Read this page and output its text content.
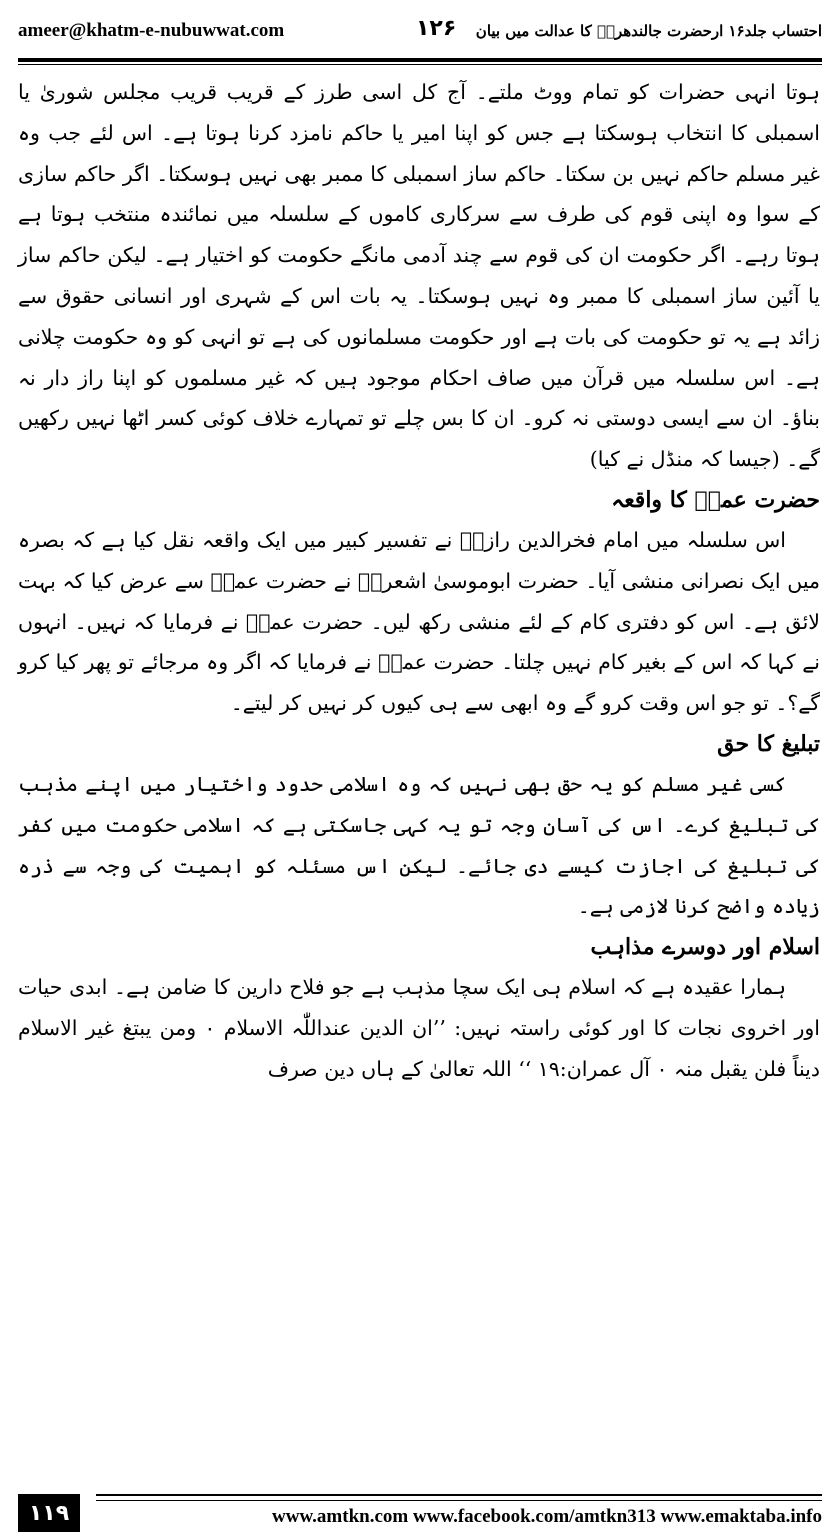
ameer@khatm-e-nubuwwat.com	۱۲۶ احتساب جلد۱۶ ارحضرت جالندھریؒ کا عدالت میں بیان

ہوتا انہی حضرات کو تمام ووٹ ملتے۔ آج کل اسی طرز کے قریب قریب مجلس شوریٰ یا اسمبلی کا انتخاب ہوسکتا ہے جس کو اپنا امیر یا حاکم نامزد کرنا ہوتا ہے۔ اس لئے جب وہ غیر مسلم حاکم نہیں بن سکتا۔ حاکم ساز اسمبلی کا ممبر بھی نہیں ہوسکتا۔ اگر حاکم سازی کے سوا وہ اپنی قوم کی طرف سے سرکاری کاموں کے سلسلہ میں نمائندہ منتخب ہوتا ہے ہوتا رہے۔ اگر حکومت ان کی قوم سے چند آدمی مانگے حکومت کو اختیار ہے۔ لیکن حاکم ساز یا آئین ساز اسمبلی کا ممبر وہ نہیں ہوسکتا۔ یہ بات اس کے شہری اور انسانی حقوق سے زائد ہے یہ تو حکومت کی بات ہے اور حکومت مسلمانوں کی ہے تو انہی کو وہ حکومت چلانی ہے۔ اس سلسلہ میں قرآن میں صاف احکام موجود ہیں کہ غیر مسلموں کو اپنا راز دار نہ بناؤ۔ ان سے ایسی دوستی نہ کرو۔ ان کا بس چلے تو تمہارے خلاف کوئی کسر اٹھا نہیں رکھیں گے۔ (جیسا کہ منڈل نے کیا)

حضرت عمرؓ کا واقعہ

اس سلسلہ میں امام فخرالدین رازیؒ نے تفسیر کبیر میں ایک واقعہ نقل کیا ہے کہ بصرہ میں ایک نصرانی منشی آیا۔ حضرت ابوموسیٰ اشعریؓ نے حضرت عمرؓ سے عرض کیا کہ بہت لائق ہے۔ اس کو دفتری کام کے لئے منشی رکھ لیں۔ حضرت عمرؓ نے فرمایا کہ نہیں۔ انہوں نے کہا کہ اس کے بغیر کام نہیں چلتا۔ حضرت عمرؓ نے فرمایا کہ اگر وہ مرجائے تو پھر کیا کرو گے؟۔ تو جو اس وقت کرو گے وہ ابھی سے ہی کیوں کر نہیں کر لیتے۔

تبلیغ کا حق

کسی غیر مسلم کو یہ حق بھی نہیں کہ وہ اسلامی حدود واختیار میں اپنے مذہب کی تبلیغ کرے۔ اس کی آسان وجہ تو یہ کہی جاسکتی ہے کہ اسلامی حکومت میں کفر کی تبلیغ کی اجازت کیسے دی جائے۔ لیکن اس مسئلہ کو اہمیت کی وجہ سے ذرہ زیادہ واضح کرنا لازمی ہے۔

اسلام اور دوسرے مذاہب

ہمارا عقیدہ ہے کہ اسلام ہی ایک سچا مذہب ہے جو فلاح دارین کا ضامن ہے۔ ابدی حیات اور اخروی نجات کا اور کوئی راستہ نہیں: ’’ان الدین عنداللّٰہ الاسلام ۰ ومن یبتغ غیر الاسلام دیناً فلن یقبل منہ ۰ آل عمران:۱۹ ‘‘ اللہ تعالیٰ کے ہاں دین صرف

۱۱۹	www.amtkn.com www.facebook.com/amtkn313 www.emaktaba.info
